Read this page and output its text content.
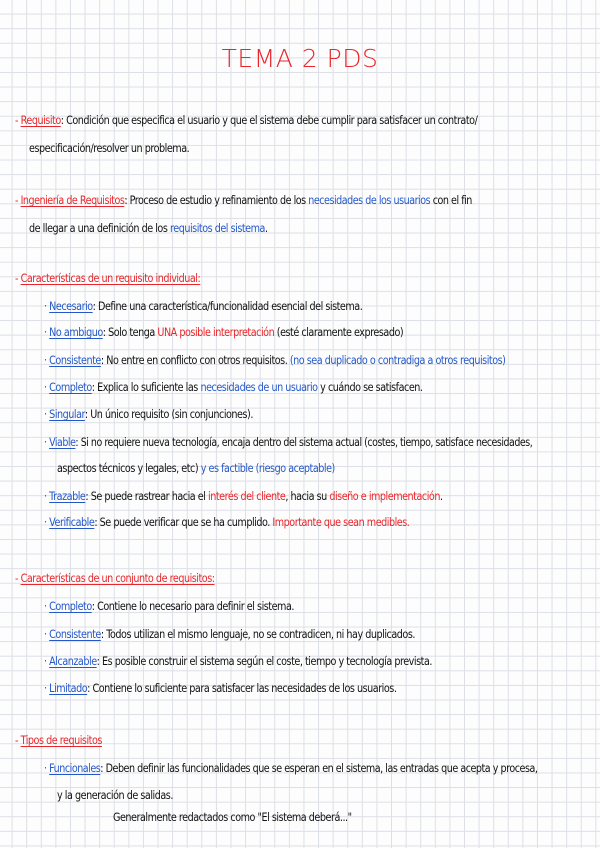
TEMA 2 PDS
- Requisito: Condición que especifica el usuario y que el sistema debe cumplir para satisfacer un contrato/
especificación/resolver un problema.
- Ingeniería de Requisitos: Proceso de estudio y refinamiento de los necesidades de los usuarios con el fin
de llegar a una definición de los requisitos del sistema.
- Características de un requisito individual:
· Necesario: Define una característica/funcionalidad esencial del sistema.
· No ambiguo: Solo tenga UNA posible interpretación (esté claramente expresado)
· Consistente: No entre en conflicto con otros requisitos. (no sea duplicado o contradiga a otros requisitos)
· Completo: Explica lo suficiente las necesidades de un usuario y cuándo se satisfacen.
· Singular: Un único requisito (sin conjunciones).
· Viable: Si no requiere nueva tecnología, encaja dentro del sistema actual (costes, tiempo, satisface necesidades,
aspectos técnicos y legales, etc) y es factible (riesgo aceptable)
· Trazable: Se puede rastrear hacia el interés del cliente, hacia su diseño e implementación.
· Verificable: Se puede verificar que se ha cumplido. Importante que sean medibles.
- Características de un conjunto de requisitos:
· Completo: Contiene lo necesario para definir el sistema.
· Consistente: Todos utilizan el mismo lenguaje, no se contradicen, ni hay duplicados.
· Alcanzable: Es posible construir el sistema según el coste, tiempo y tecnología prevista.
· Limitado: Contiene lo suficiente para satisfacer las necesidades de los usuarios.
- Tipos de requisitos
· Funcionales: Deben definir las funcionalidades que se esperan en el sistema, las entradas que acepta y procesa,
y la generación de salidas.
Generalmente redactados como "El sistema deberá..."
